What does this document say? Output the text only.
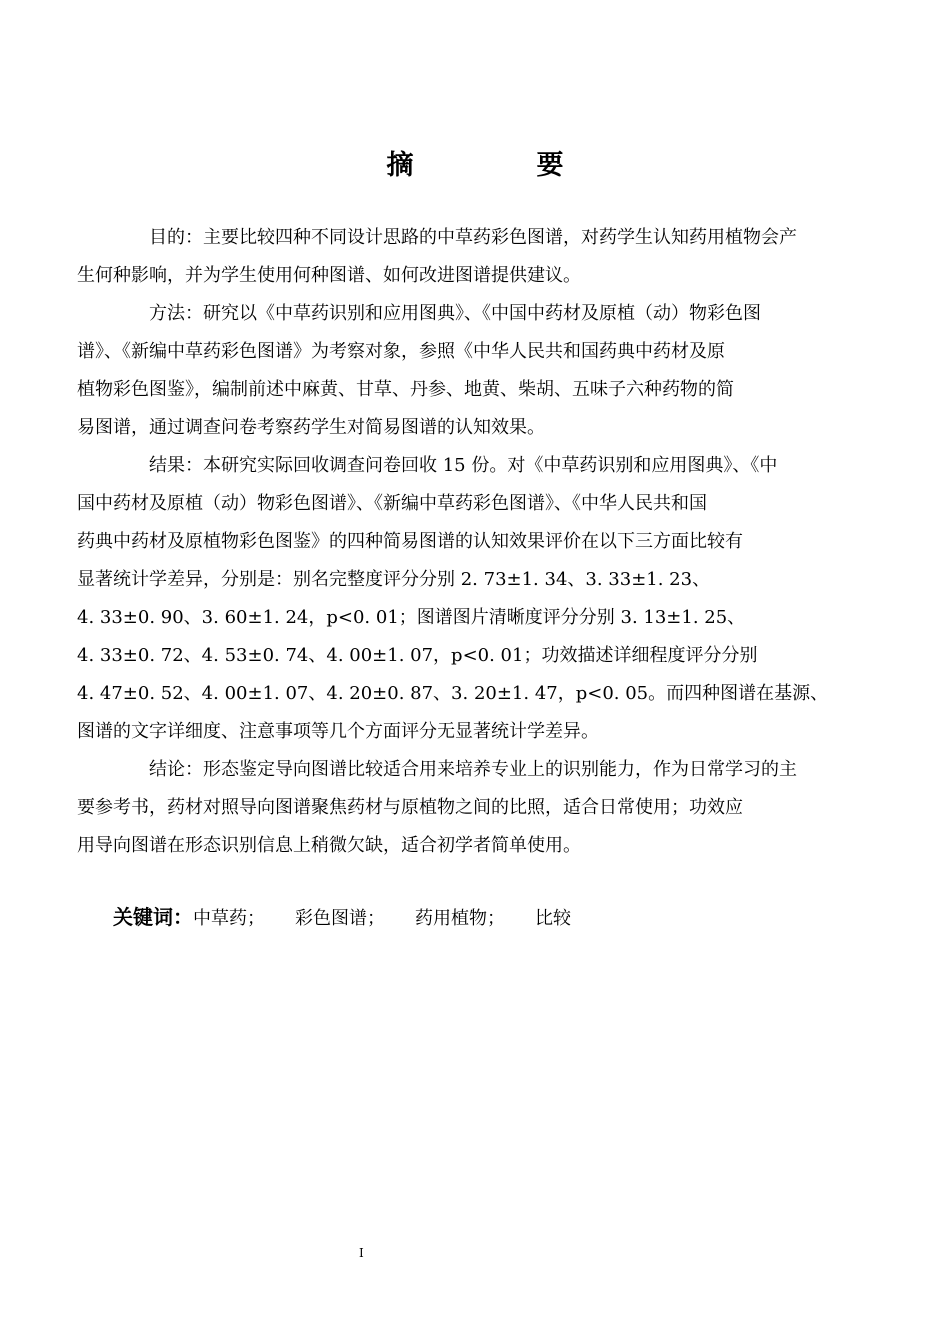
摘　要

目的：主要比较四种不同设计思路的中草药彩色图谱，对药学生认知药用植物会产
生何种影响，并为学生使用何种图谱、如何改进图谱提供建议。

方法：研究以《中草药识别和应用图典》、《中国中药材及原植（动）物彩色图
谱》、《新编中草药彩色图谱》为考察对象，参照《中华人民共和国药典中药材及原
植物彩色图鉴》，编制前述中麻黄、甘草、丹参、地黄、柴胡、五味子六种药物的简
易图谱，通过调查问卷考察药学生对简易图谱的认知效果。

结果：本研究实际回收调查问卷回收 15 份。对《中草药识别和应用图典》、《中
国中药材及原植（动）物彩色图谱》、《新编中草药彩色图谱》、《中华人民共和国
药典中药材及原植物彩色图鉴》的四种简易图谱的认知效果评价在以下三方面比较有
显著统计学差异，分别是：别名完整度评分分别 2. 73±1. 34、3. 33±1. 23、
4. 33±0. 90、3. 60±1. 24，p<0. 01；图谱图片清晰度评分分别 3. 13±1. 25、
4. 33±0. 72、4. 53±0. 74、4. 00±1. 07，p<0. 01；功效描述详细程度评分分别
4. 47±0. 52、4. 00±1. 07、4. 20±0. 87、3. 20±1. 47，p<0. 05。而四种图谱在基源、
图谱的文字详细度、注意事项等几个方面评分无显著统计学差异。

结论：形态鉴定导向图谱比较适合用来培养专业上的识别能力，作为日常学习的主
要参考书，药材对照导向图谱聚焦药材与原植物之间的比照，适合日常使用；功效应
用导向图谱在形态识别信息上稍微欠缺，适合初学者简单使用。

关键词：中草药； 彩色图谱； 药用植物； 比较
I
